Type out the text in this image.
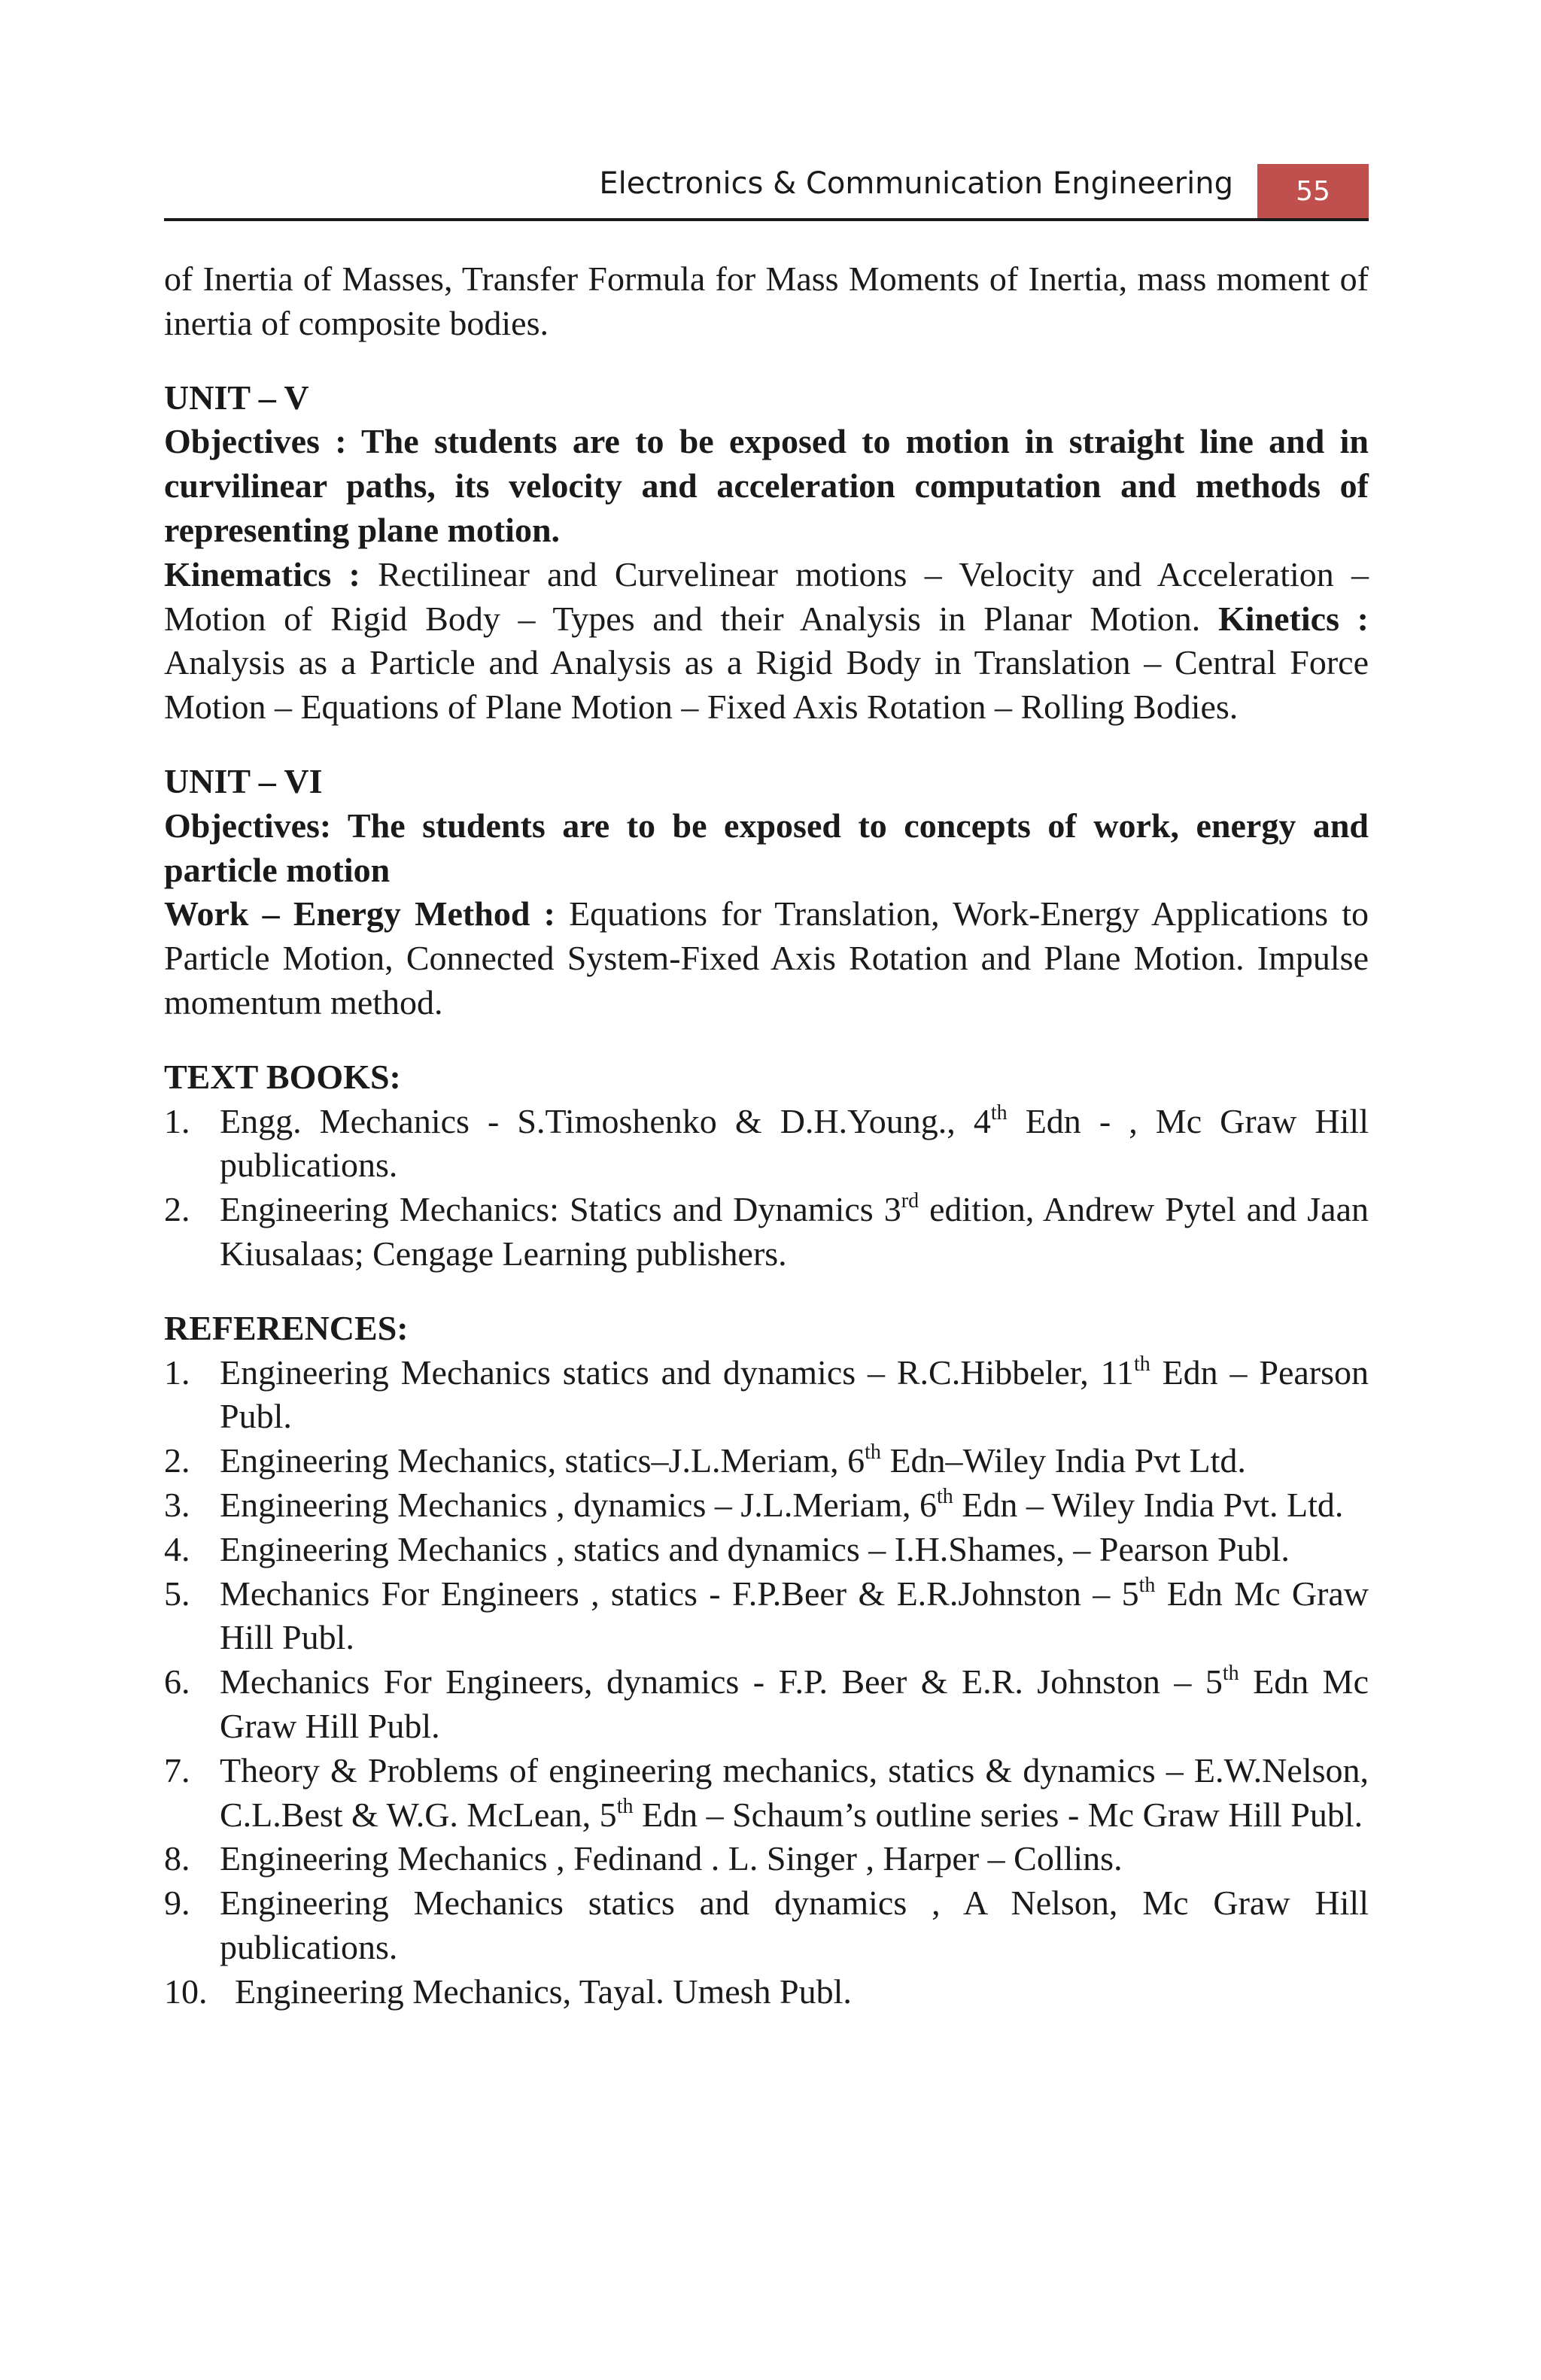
Electronics & Communication Engineering	55

of Inertia of Masses, Transfer Formula for Mass Moments of Inertia, mass moment of inertia of composite bodies.

UNIT – V

Objectives : The students are to be exposed to motion in straight line and in curvilinear paths, its velocity and acceleration computation and methods of representing plane motion.

Kinematics : Rectilinear and Curvelinear motions – Velocity and Acceleration – Motion of Rigid Body – Types and their Analysis in Planar Motion. Kinetics : Analysis as a Particle and Analysis as a Rigid Body in Translation – Central Force Motion – Equations of Plane Motion – Fixed Axis Rotation – Rolling Bodies.

UNIT – VI

Objectives: The students are to be exposed to concepts of work, energy and particle motion

Work – Energy Method : Equations for Translation, Work-Energy Applications to Particle Motion, Connected System-Fixed Axis Rotation and Plane Motion. Impulse momentum method.

TEXT BOOKS:

1. Engg. Mechanics - S.Timoshenko & D.H.Young., 4th Edn - , Mc Graw Hill publications.
2. Engineering Mechanics: Statics and Dynamics 3rd edition, Andrew Pytel and Jaan Kiusalaas; Cengage Learning publishers.

REFERENCES:

1. Engineering Mechanics statics and dynamics – R.C.Hibbeler, 11th Edn – Pearson Publ.
2. Engineering Mechanics, statics–J.L.Meriam, 6th Edn–Wiley India Pvt Ltd.
3. Engineering Mechanics , dynamics – J.L.Meriam, 6th Edn – Wiley India Pvt. Ltd.
4. Engineering Mechanics , statics and dynamics – I.H.Shames, – Pearson Publ.
5. Mechanics For Engineers , statics - F.P.Beer & E.R.Johnston – 5th Edn Mc Graw Hill Publ.
6. Mechanics For Engineers, dynamics - F.P. Beer & E.R. Johnston – 5th Edn Mc Graw Hill Publ.
7. Theory & Problems of engineering mechanics, statics & dynamics – E.W.Nelson, C.L.Best & W.G. McLean, 5th Edn – Schaum’s outline series - Mc Graw Hill Publ.
8. Engineering Mechanics , Fedinand . L. Singer , Harper – Collins.
9. Engineering Mechanics statics and dynamics , A Nelson, Mc Graw Hill publications.
10. Engineering Mechanics, Tayal. Umesh Publ.
